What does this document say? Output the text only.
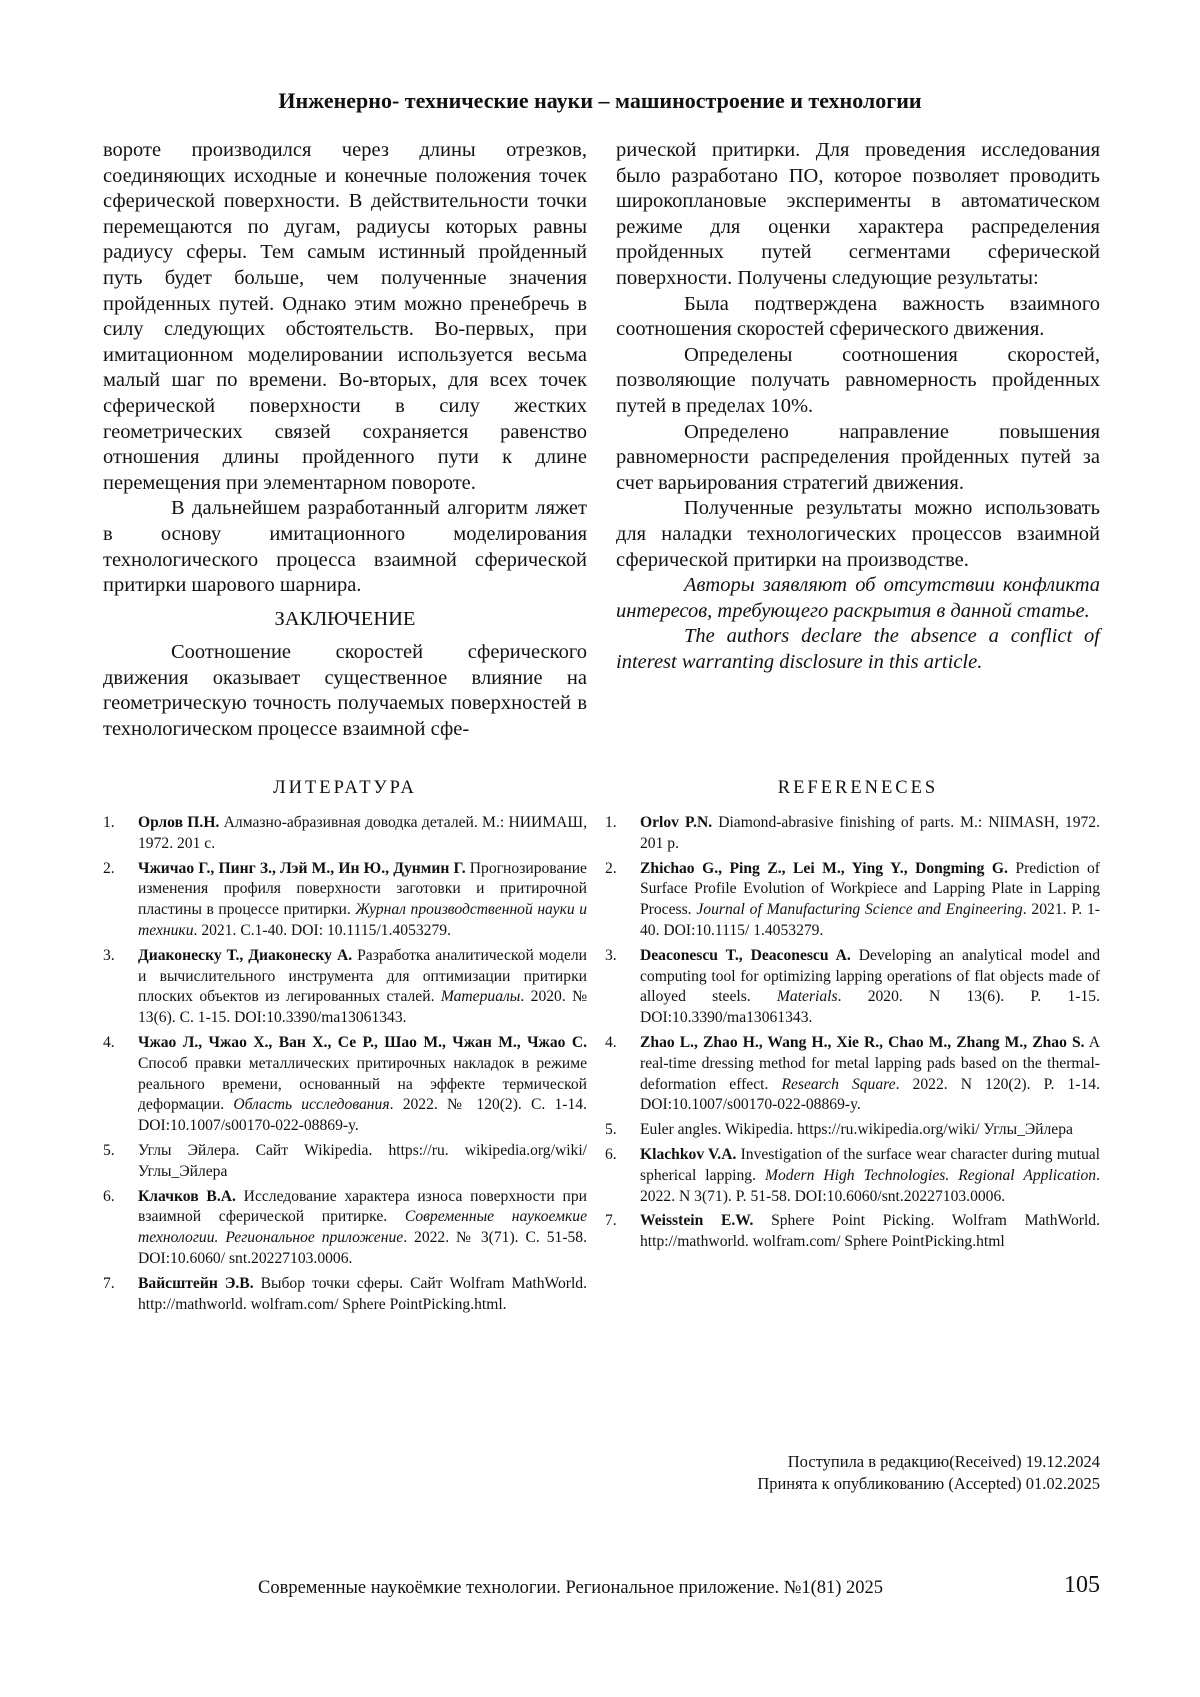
Инженерно- технические науки – машиностроение и технологии

вороте производился через длины отрезков, соединяющих исходные и конечные положения точек сферической поверхности. В действительности точки перемещаются по дугам, радиусы которых равны радиусу сферы. Тем самым истинный пройденный путь будет больше, чем полученные значения пройденных путей. Однако этим можно пренебречь в силу следующих обстоятельств. Во-первых, при имитационном моделировании используется весьма малый шаг по времени. Во-вторых, для всех точек сферической поверхности в силу жестких геометрических связей сохраняется равенство отношения длины пройденного пути к длине перемещения при элементарном повороте.

В дальнейшем разработанный алгоритм ляжет в основу имитационного моделирования технологического процесса взаимной сферической притирки шарового шарнира.

ЗАКЛЮЧЕНИЕ

Соотношение скоростей сферического движения оказывает существенное влияние на геометрическую точность получаемых поверхностей в технологическом процессе взаимной сфе-

рической притирки. Для проведения исследования было разработано ПО, которое позволяет проводить широкоплановые эксперименты в автоматическом режиме для оценки характера распределения пройденных путей сегментами сферической поверхности. Получены следующие результаты:

Была подтверждена важность взаимного соотношения скоростей сферического движения.

Определены соотношения скоростей, позволяющие получать равномерность пройденных путей в пределах 10%.

Определено направление повышения равномерности распределения пройденных путей за счет варьирования стратегий движения.

Полученные результаты можно использовать для наладки технологических процессов взаимной сферической притирки на производстве.

Авторы заявляют об отсутствии конфликта интересов, требующего раскрытия в данной статье.

The authors declare the absence a conflict of interest warranting disclosure in this article.

ЛИТЕРАТУРА	REFERENECES
1.	Орлов П.Н. Алмазно-абразивная доводка деталей. М.: НИИМАШ, 1972. 201 с.
2.	Чжичао Г., Пинг З., Лэй М., Ин Ю., Дунмин Г. Прогнозирование изменения профиля поверхности заготовки и притирочной пластины в процессе притирки. Журнал производственной науки и техники. 2021. С.1-40. DOI: 10.1115/1.4053279.
3.	Диаконеску Т., Диаконеску А. Разработка аналитической модели и вычислительного инструмента для оптимизации притирки плоских объектов из легированных сталей. Материалы. 2020. № 13(6). С. 1-15. DOI:10.3390/ma13061343.
4.	Чжао Л., Чжао Х., Ван Х., Се Р., Шао М., Чжан М., Чжао С. Способ правки металлических притирочных накладок в режиме реального времени, основанный на эффекте термической деформации. Область исследования. 2022. № 120(2). С. 1-14. DOI:10.1007/s00170-022-08869-y.
5.	Углы Эйлера. Сайт Wikipedia. https://ru. wikipedia.org/wiki/Углы_Эйлера
6.	Клачков В.А. Исследование характера износа поверхности при взаимной сферической притирке. Современные наукоемкие технологии. Региональное приложение. 2022. № 3(71). С. 51-58. DOI:10.6060/ snt.20227103.0006.
7.	Вайсштейн Э.В. Выбор точки сферы. Сайт Wolfram MathWorld. http://mathworld. wolfram.com/ Sphere PointPicking.html.
1.	Orlov P.N. Diamond-abrasive finishing of parts. M.: NIIMASH, 1972. 201 p.
2.	Zhichao G., Ping Z., Lei M., Ying Y., Dongming G. Prediction of Surface Profile Evolution of Workpiece and Lapping Plate in Lapping Process. Journal of Manufacturing Science and Engineering. 2021. P. 1-40. DOI:10.1115/ 1.4053279.
3.	Deaconescu T., Deaconescu A. Developing an analytical model and computing tool for optimizing lapping operations of flat objects made of alloyed steels. Materials. 2020. N 13(6). P. 1-15. DOI:10.3390/ma13061343.
4.	Zhao L., Zhao H., Wang H., Xie R., Chao M., Zhang M., Zhao S. A real-time dressing method for metal lapping pads based on the thermal-deformation effect. Research Square. 2022. N 120(2). P. 1-14. DOI:10.1007/s00170-022-08869-y.
5.	Euler angles. Wikipedia. https://ru.wikipedia.org/wiki/ Углы_Эйлера
6.	Klachkov V.A. Investigation of the surface wear character during mutual spherical lapping. Modern High Technologies. Regional Application. 2022. N 3(71). P. 51-58. DOI:10.6060/snt.20227103.0006.
7.	Weisstein E.W. Sphere Point Picking. Wolfram MathWorld. http://mathworld. wolfram.com/ Sphere PointPicking.html
Поступила в редакцию(Received) 19.12.2024
Принята к опубликованию (Accepted) 01.02.2025
Современные наукоёмкие технологии. Региональное приложение. №1(81) 2025	105
